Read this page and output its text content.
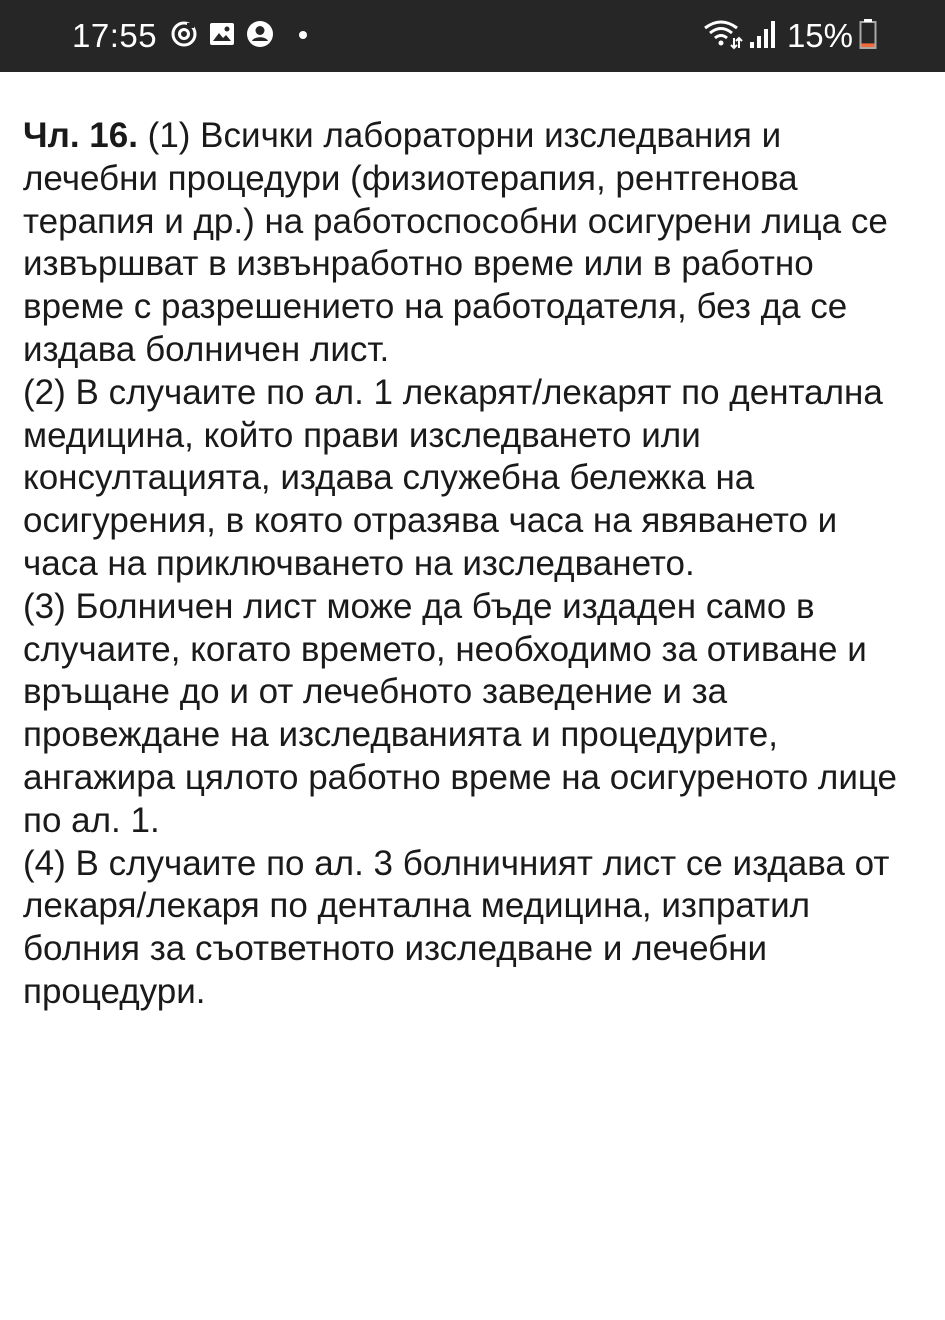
17:55	15%

Чл. 16. (1) Всички лабораторни изследвания и лечебни процедури (физиотерапия, рентгенова терапия и др.) на работоспособни осигурени лица се извършват в извънработно време или в работно време с разрешението на работодателя, без да се издава болничен лист.

(2) В случаите по ал. 1 лекарят/лекарят по дентална медицина, който прави изследването или консултацията, издава служебна бележка на осигурения, в която отразява часа на явяването и часа на приключването на изследването.

(3) Болничен лист може да бъде издаден само в случаите, когато времето, необходимо за отиване и връщане до и от лечебното заведение и за провеждане на изследванията и процедурите, ангажира цялото работно време на осигуреното лице по ал. 1.

(4) В случаите по ал. 3 болничният лист се издава от лекаря/лекаря по дентална медицина, изпратил болния за съответното изследване и лечебни процедури.
